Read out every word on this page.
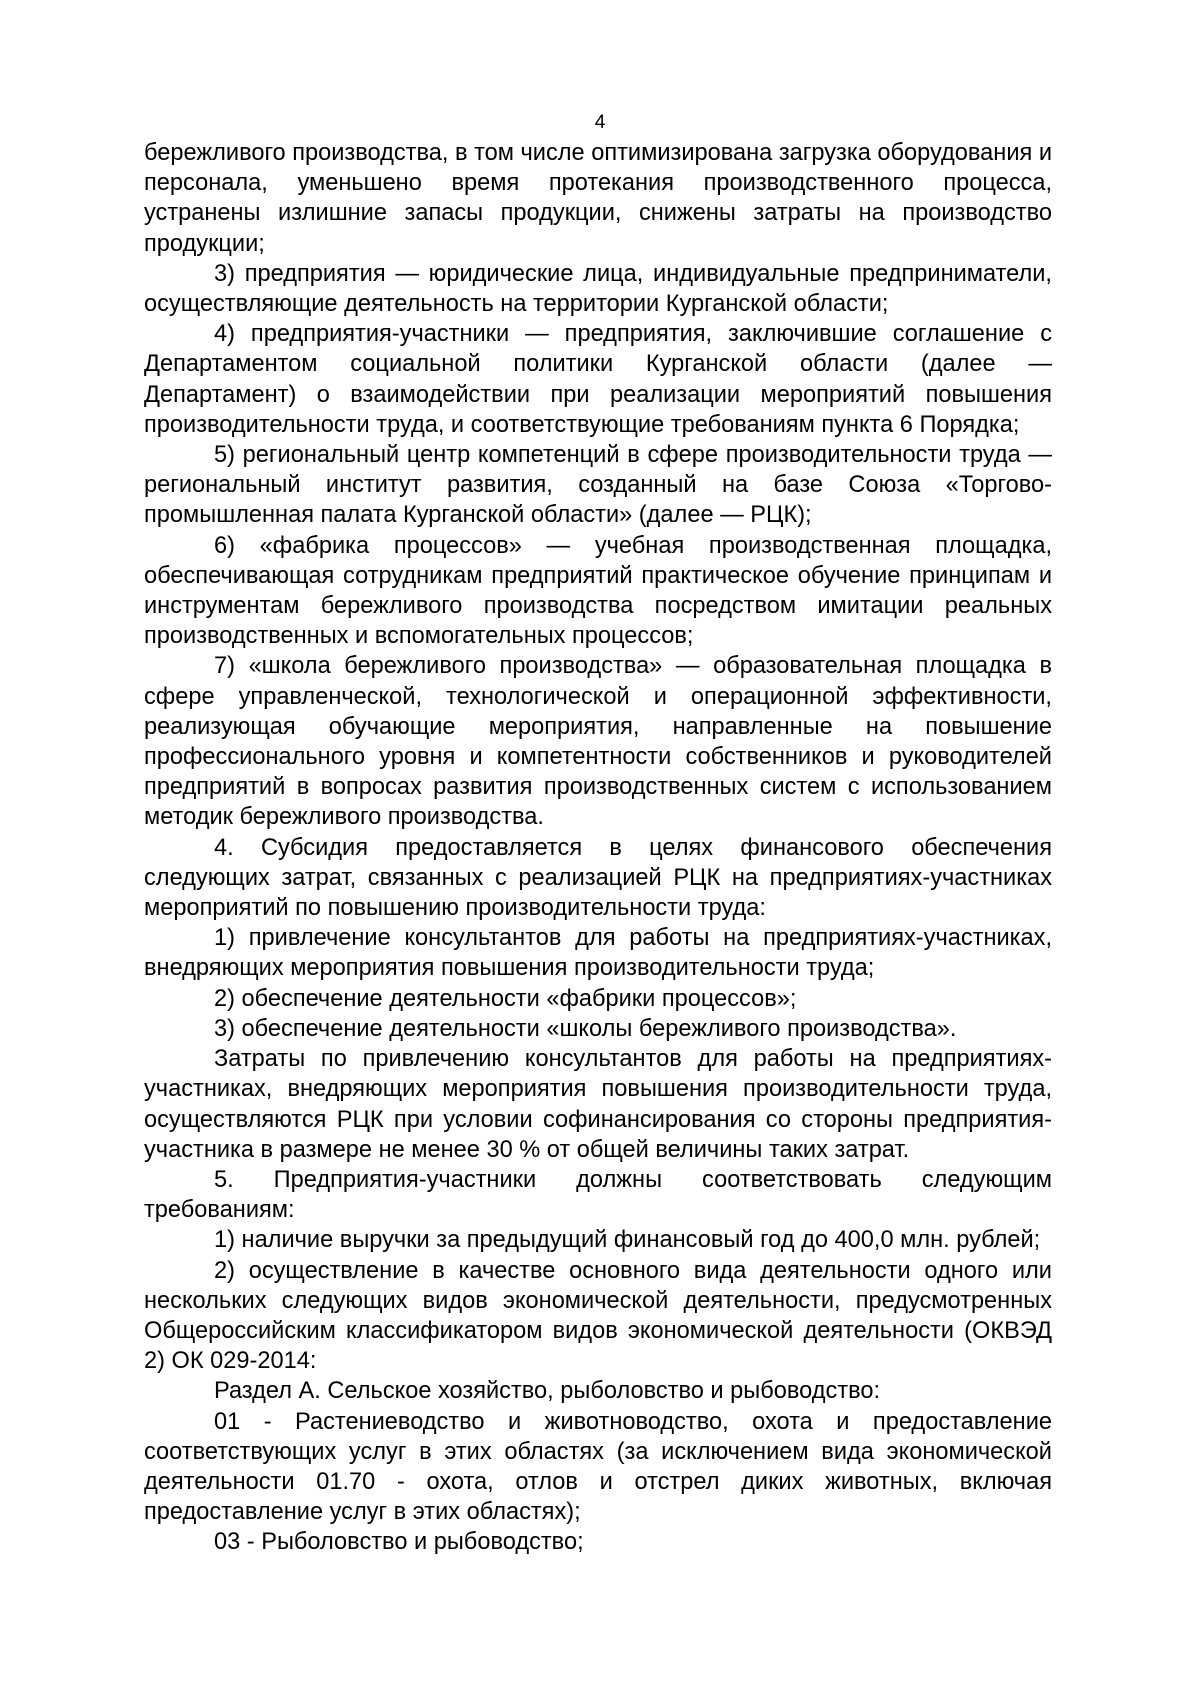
4

бережливого производства, в том числе оптимизирована загрузка оборудования и персонала, уменьшено время протекания производственного процесса, устранены излишние запасы продукции, снижены затраты на производство продукции;

3) предприятия — юридические лица, индивидуальные предприниматели, осуществляющие деятельность на территории Курганской области;

4) предприятия-участники — предприятия, заключившие соглашение с Департаментом социальной политики Курганской области (далее — Департамент) о взаимодействии при реализации мероприятий повышения производительности труда, и соответствующие требованиям пункта 6 Порядка;

5) региональный центр компетенций в сфере производительности труда — региональный институт развития, созданный на базе Союза «Торгово-промышленная палата Курганской области» (далее — РЦК);

6) «фабрика процессов» — учебная производственная площадка, обеспечивающая сотрудникам предприятий практическое обучение принципам и инструментам бережливого производства посредством имитации реальных производственных и вспомогательных процессов;

7) «школа бережливого производства» — образовательная площадка в сфере управленческой, технологической и операционной эффективности, реализующая обучающие мероприятия, направленные на повышение профессионального уровня и компетентности собственников и руководителей предприятий в вопросах развития производственных систем с использованием методик бережливого производства.

4. Субсидия предоставляется в целях финансового обеспечения следующих затрат, связанных с реализацией РЦК на предприятиях-участниках мероприятий по повышению производительности труда:

1) привлечение консультантов для работы на предприятиях-участниках, внедряющих мероприятия повышения производительности труда;

2) обеспечение деятельности «фабрики процессов»;

3) обеспечение деятельности «школы бережливого производства».

Затраты по привлечению консультантов для работы на предприятиях-участниках, внедряющих мероприятия повышения производительности труда, осуществляются РЦК при условии софинансирования со стороны предприятия-участника в размере не менее 30 % от общей величины таких затрат.

5. Предприятия-участники должны соответствовать следующим требованиям:

1) наличие выручки за предыдущий финансовый год до 400,0 млн. рублей;

2) осуществление в качестве основного вида деятельности одного или нескольких следующих видов экономической деятельности, предусмотренных Общероссийским классификатором видов экономической деятельности (ОКВЭД 2) ОК 029-2014:

Раздел А. Сельское хозяйство, рыболовство и рыбоводство:

01 - Растениеводство и животноводство, охота и предоставление соответствующих услуг в этих областях (за исключением вида экономической деятельности 01.70 - охота, отлов и отстрел диких животных, включая предоставление услуг в этих областях);

03 - Рыболовство и рыбоводство;
